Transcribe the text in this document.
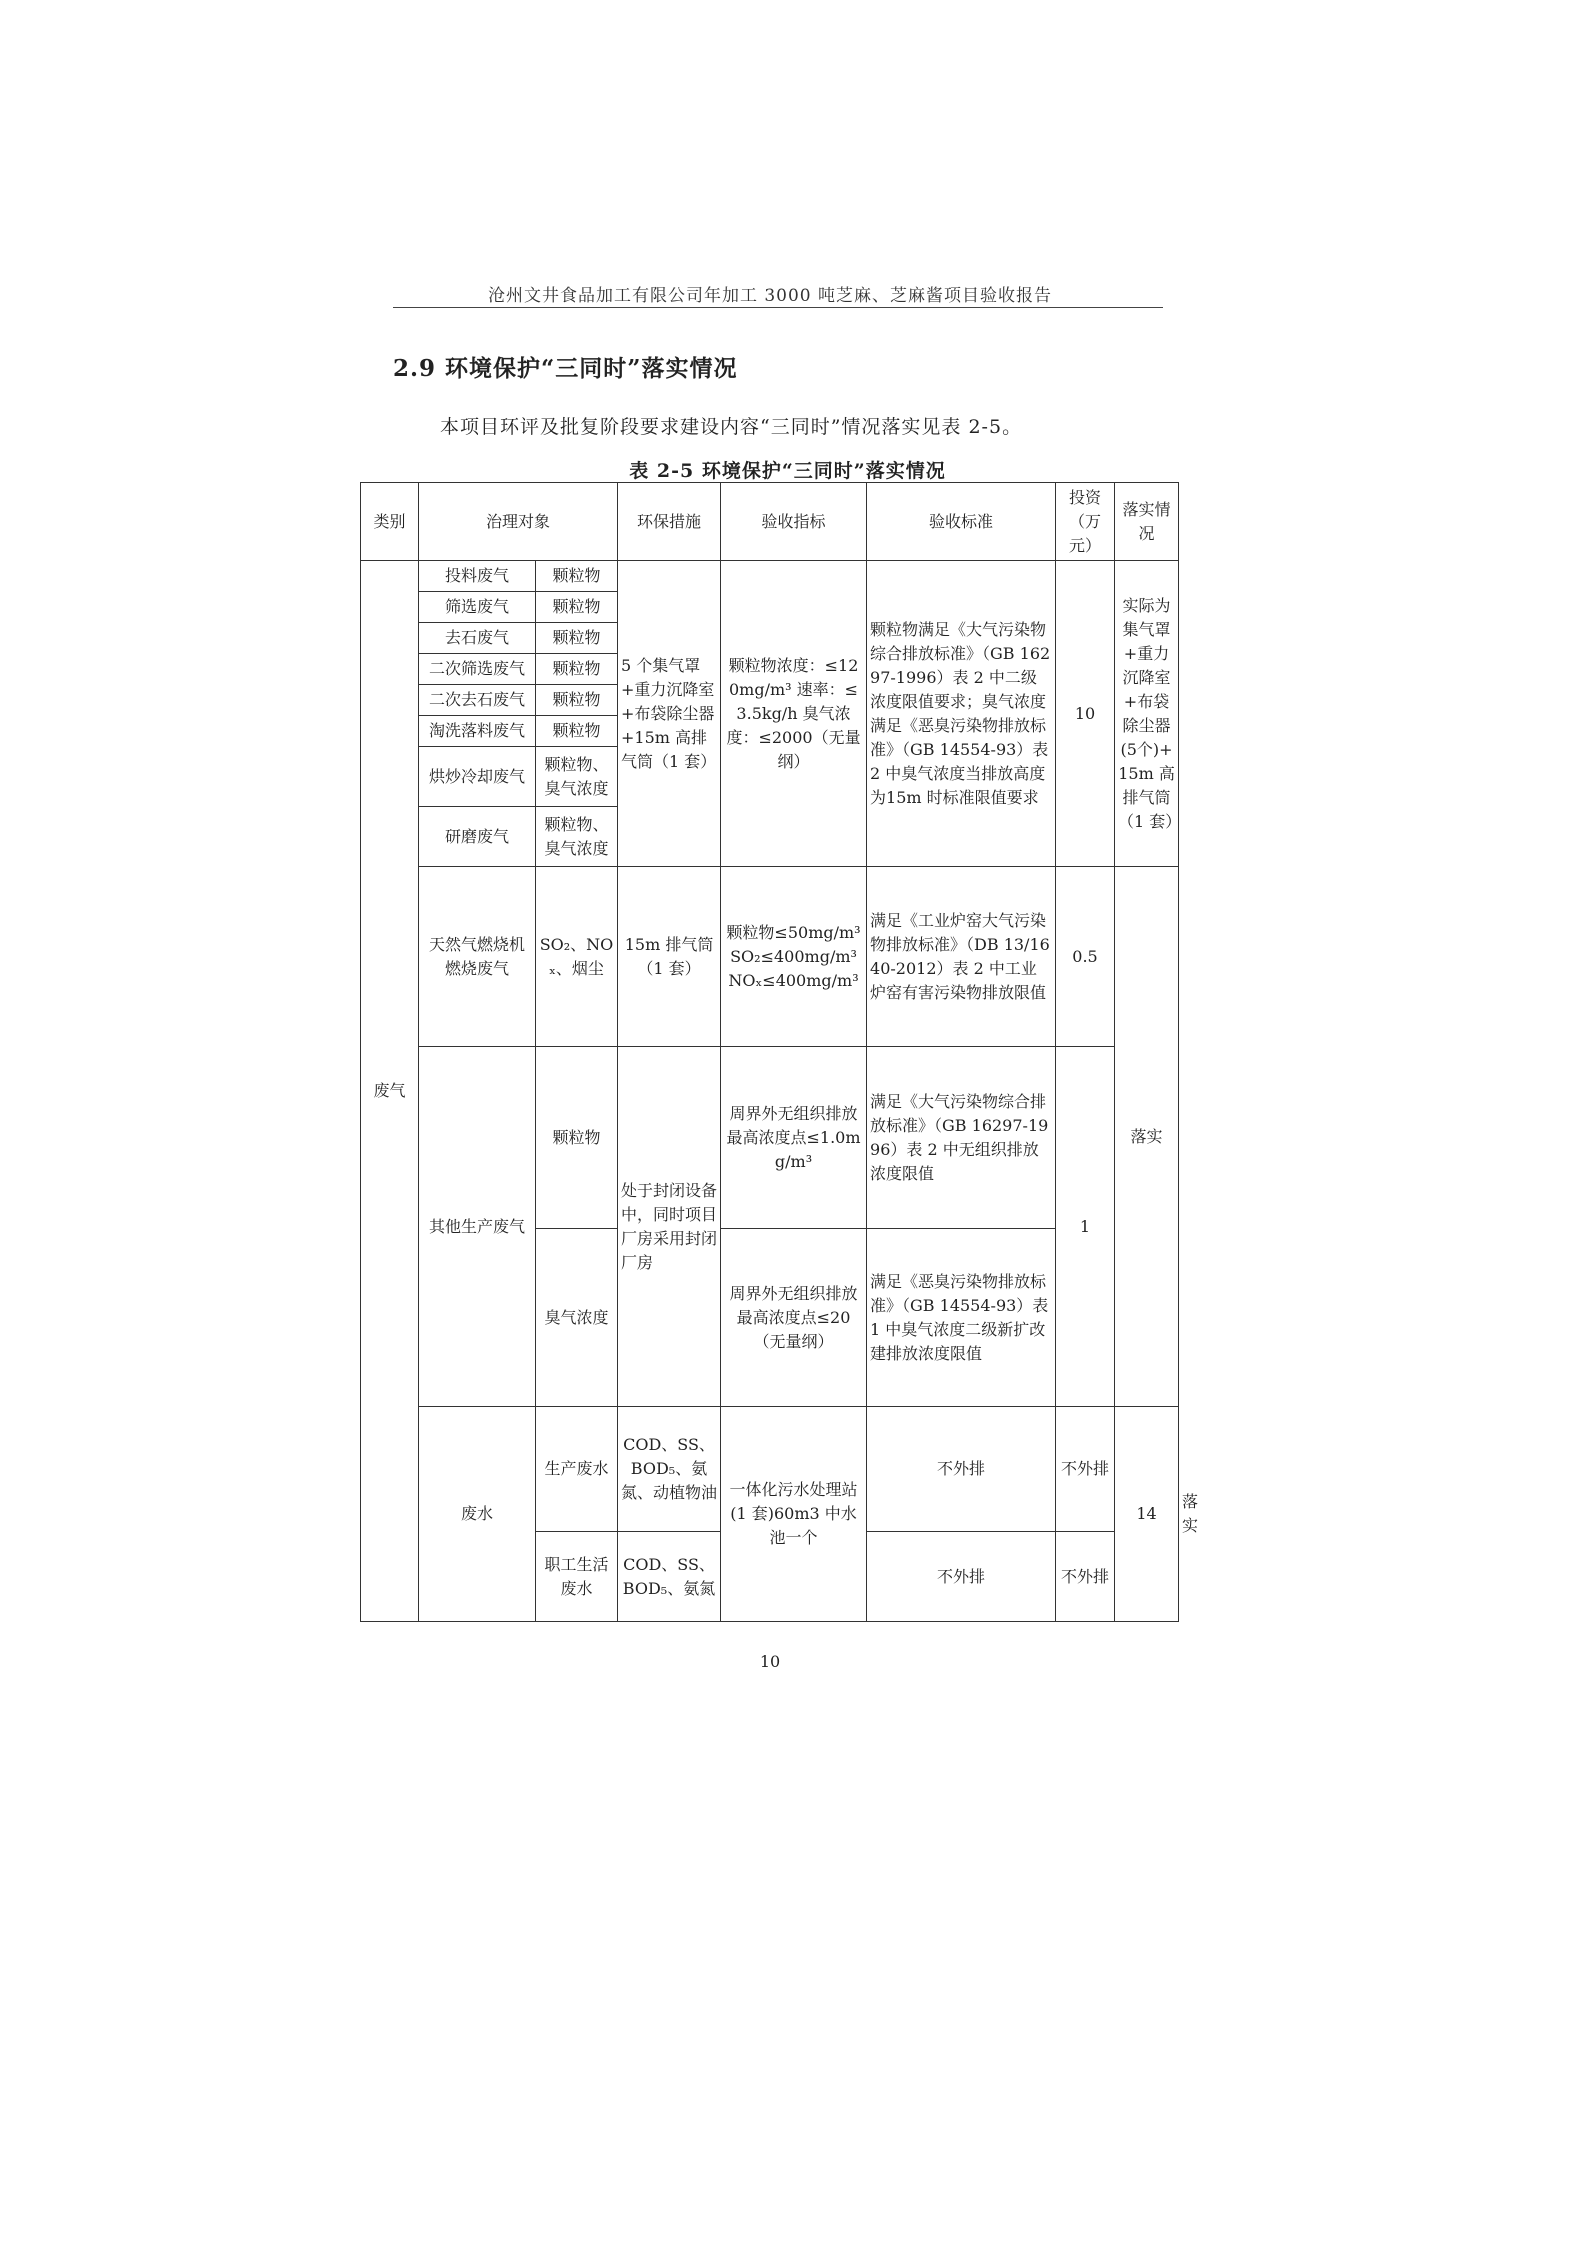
沧州文井食品加工有限公司年加工 3000 吨芝麻、芝麻酱项目验收报告
2.9 环境保护“三同时”落实情况
本项目环评及批复阶段要求建设内容“三同时”情况落实见表 2-5。
表 2-5 环境保护“三同时”落实情况
类别	治理对象		环保措施	验收指标	验收标准	投资（万元）	落实情况	
废气	投料废气	颗粒物	5 个集气罩+重力沉降室+布袋除尘器+15m 高排气筒（1 套）	颗粒物浓度：≤120mg/m³ 速率：≤3.5kg/h 臭气浓度：≤2000（无量纲）	颗粒物满足《大气污染物综合排放标准》（GB 16297-1996）表 2 中二级浓度限值要求；臭气浓度满足《恶臭污染物排放标准》（GB 14554-93）表 2 中臭气浓度当排放高度为15m 时标准限值要求	10	实际为集气罩+重力沉降室+布袋除尘器(5个)+15m 高排气筒（1 套）	
	筛选废气	颗粒物						
	去石废气	颗粒物						
	二次筛选废气	颗粒物						
	二次去石废气	颗粒物						
	淘洗落料废气	颗粒物						
	烘炒冷却废气	颗粒物、臭气浓度						
	研磨废气	颗粒物、臭气浓度						
	天然气燃烧机燃烧废气	SO₂、NOₓ、烟尘	15m 排气筒（1 套）	颗粒物≤50mg/m³ SO₂≤400mg/m³ NOₓ≤400mg/m³	满足《工业炉窑大气污染物排放标准》（DB 13/1640-2012）表 2 中工业炉窑有害污染物排放限值	0.5	落实	
	其他生产废气	颗粒物	处于封闭设备中，同时项目厂房采用封闭厂房	周界外无组织排放最高浓度点≤1.0mg/m³	满足《大气污染物综合排放标准》（GB 16297-1996）表 2 中无组织排放浓度限值	1		
		臭气浓度		周界外无组织排放最高浓度点≤20（无量纲）	满足《恶臭污染物排放标准》（GB 14554-93）表 1 中臭气浓度二级新扩改建排放浓度限值			
	废水	生产废水	COD、SS、BOD₅、氨氮、动植物油	一体化污水处理站(1 套)60m3 中水池一个	不外排	不外排	14	落实
		职工生活废水	COD、SS、BOD₅、氨氮		不外排	不外排		
10
